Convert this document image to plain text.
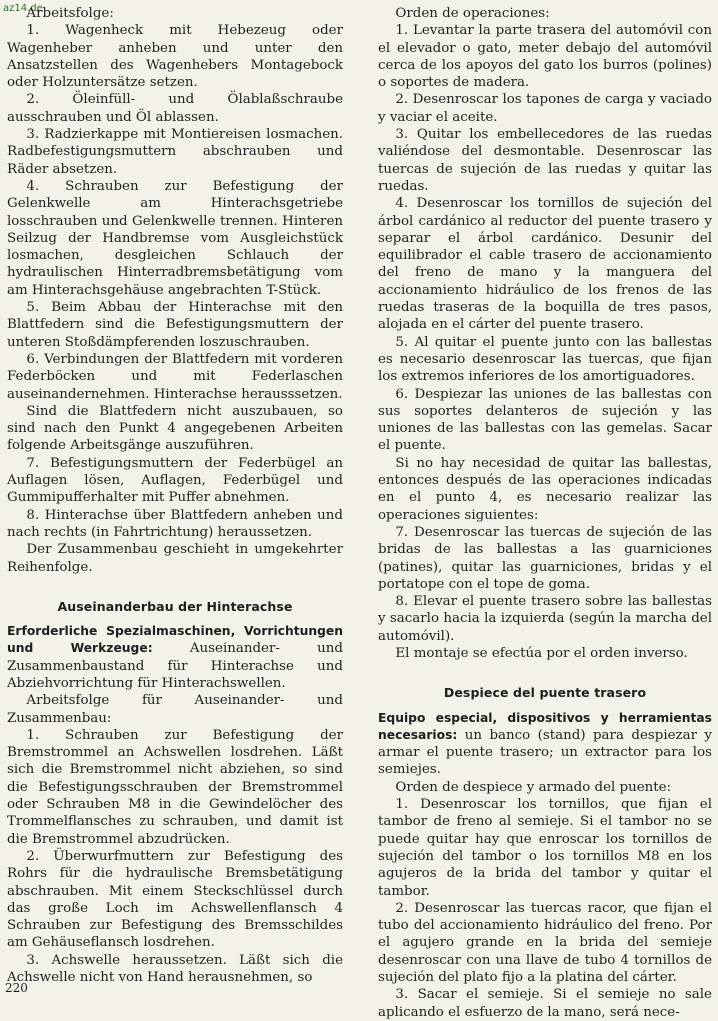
az14.de

Arbeitsfolge:

1. Wagenheck mit Hebezeug oder Wagenheber anheben und unter den Ansatzstellen des Wagenhebers Montagebock oder Holzuntersätze setzen.

2. Öleinfüll- und Ölablaßschraube ausschrauben und Öl ablassen.

3. Radzierkappe mit Montiereisen losmachen. Radbefestigungsmuttern abschrauben und Räder absetzen.

4. Schrauben zur Befestigung der Gelenkwelle am Hinterachsgetriebe losschrauben und Gelenkwelle trennen. Hinteren Seilzug der Handbremse vom Ausgleichstück losmachen, desgleichen Schlauch der hydraulischen Hinterradbremsbetätigung vom am Hinterachsgehäuse angebrachten T-Stück.

5. Beim Abbau der Hinterachse mit den Blattfedern sind die Befestigungsmuttern der unteren Stoßdämpferenden loszuschrauben.

6. Verbindungen der Blattfedern mit vorderen Federböcken und mit Federlaschen auseinandernehmen. Hinterachse herausssetzen.

Sind die Blattfedern nicht auszubauen, so sind nach den Punkt 4 angegebenen Arbeiten folgende Arbeitsgänge auszuführen.

7. Befestigungsmuttern der Federbügel an Auflagen lösen, Auflagen, Federbügel und Gummipufferhalter mit Puffer abnehmen.

8. Hinterachse über Blattfedern anheben und nach rechts (in Fahrtrichtung) heraussetzen.

Der Zusammenbau geschieht in umgekehrter Reihenfolge.

Auseinanderbau der Hinterachse

Erforderliche Spezialmaschinen, Vorrichtungen und Werkzeuge: Auseinander- und Zusammenbaustand für Hinterachse und Abziehvorrichtung für Hinterachswellen.

Arbeitsfolge für Auseinander- und Zusammenbau:

1. Schrauben zur Befestigung der Bremstrommel an Achswellen losdrehen. Läßt sich die Bremstrommel nicht abziehen, so sind die Befestigungsschrauben der Bremstrommel oder Schrauben M8 in die Gewindelöcher des Trommelflansches zu schrauben, und damit ist die Bremstrommel abzudrücken.

2. Überwurfmuttern zur Befestigung des Rohrs für die hydraulische Bremsbetätigung abschrauben. Mit einem Steckschlüssel durch das große Loch im Achswellenflansch 4 Schrauben zur Befestigung des Bremsschildes am Gehäuseflansch losdrehen.

3. Achswelle heraussetzen. Läßt sich die Achswelle nicht von Hand herausnehmen, so

Orden de operaciones:

1. Levantar la parte trasera del automóvil con el elevador o gato, meter debajo del automóvil cerca de los apoyos del gato los burros (polines) o soportes de madera.

2. Desenroscar los tapones de carga y vaciado y vaciar el aceite.

3. Quitar los embellecedores de las ruedas valiéndose del desmontable. Desenroscar las tuercas de sujeción de las ruedas y quitar las ruedas.

4. Desenroscar los tornillos de sujeción del árbol cardánico al reductor del puente trasero y separar el árbol cardánico. Desunir del equilibrador el cable trasero de accionamiento del freno de mano y la manguera del accionamiento hidráulico de los frenos de las ruedas traseras de la boquilla de tres pasos, alojada en el cárter del puente trasero.

5. Al quitar el puente junto con las ballestas es necesario desenroscar las tuercas, que fijan los extremos inferiores de los amortiguadores.

6. Despiezar las uniones de las ballestas con sus soportes delanteros de sujeción y las uniones de las ballestas con las gemelas. Sacar el puente.

Si no hay necesidad de quitar las ballestas, entonces después de las operaciones indicadas en el punto 4, es necesario realizar las operaciones siguientes:

7. Desenroscar las tuercas de sujeción de las bridas de las ballestas a las guarniciones (patines), quitar las guarniciones, bridas y el portatope con el tope de goma.

8. Elevar el puente trasero sobre las ballestas y sacarlo hacia la izquierda (según la marcha del automóvil).

El montaje se efectúa por el orden inverso.

Despiece del puente trasero

Equipo especial, dispositivos y herramientas necesarios: un banco (stand) para despiezar y armar el puente trasero; un extractor para los semiejes.

Orden de despiece y armado del puente:

1. Desenroscar los tornillos, que fijan el tambor de freno al semieje. Si el tambor no se puede quitar hay que enroscar los tornillos de sujeción del tambor o los tornillos M8 en los agujeros de la brida del tambor y quitar el tambor.

2. Desenroscar las tuercas racor, que fijan el tubo del accionamiento hidráulico del freno. Por el agujero grande en la brida del semieje desenroscar con una llave de tubo 4 tornillos de sujeción del plato fijo a la platina del cárter.

3. Sacar el semieje. Si el semieje no sale aplicando el esfuerzo de la mano, será nece-

220
